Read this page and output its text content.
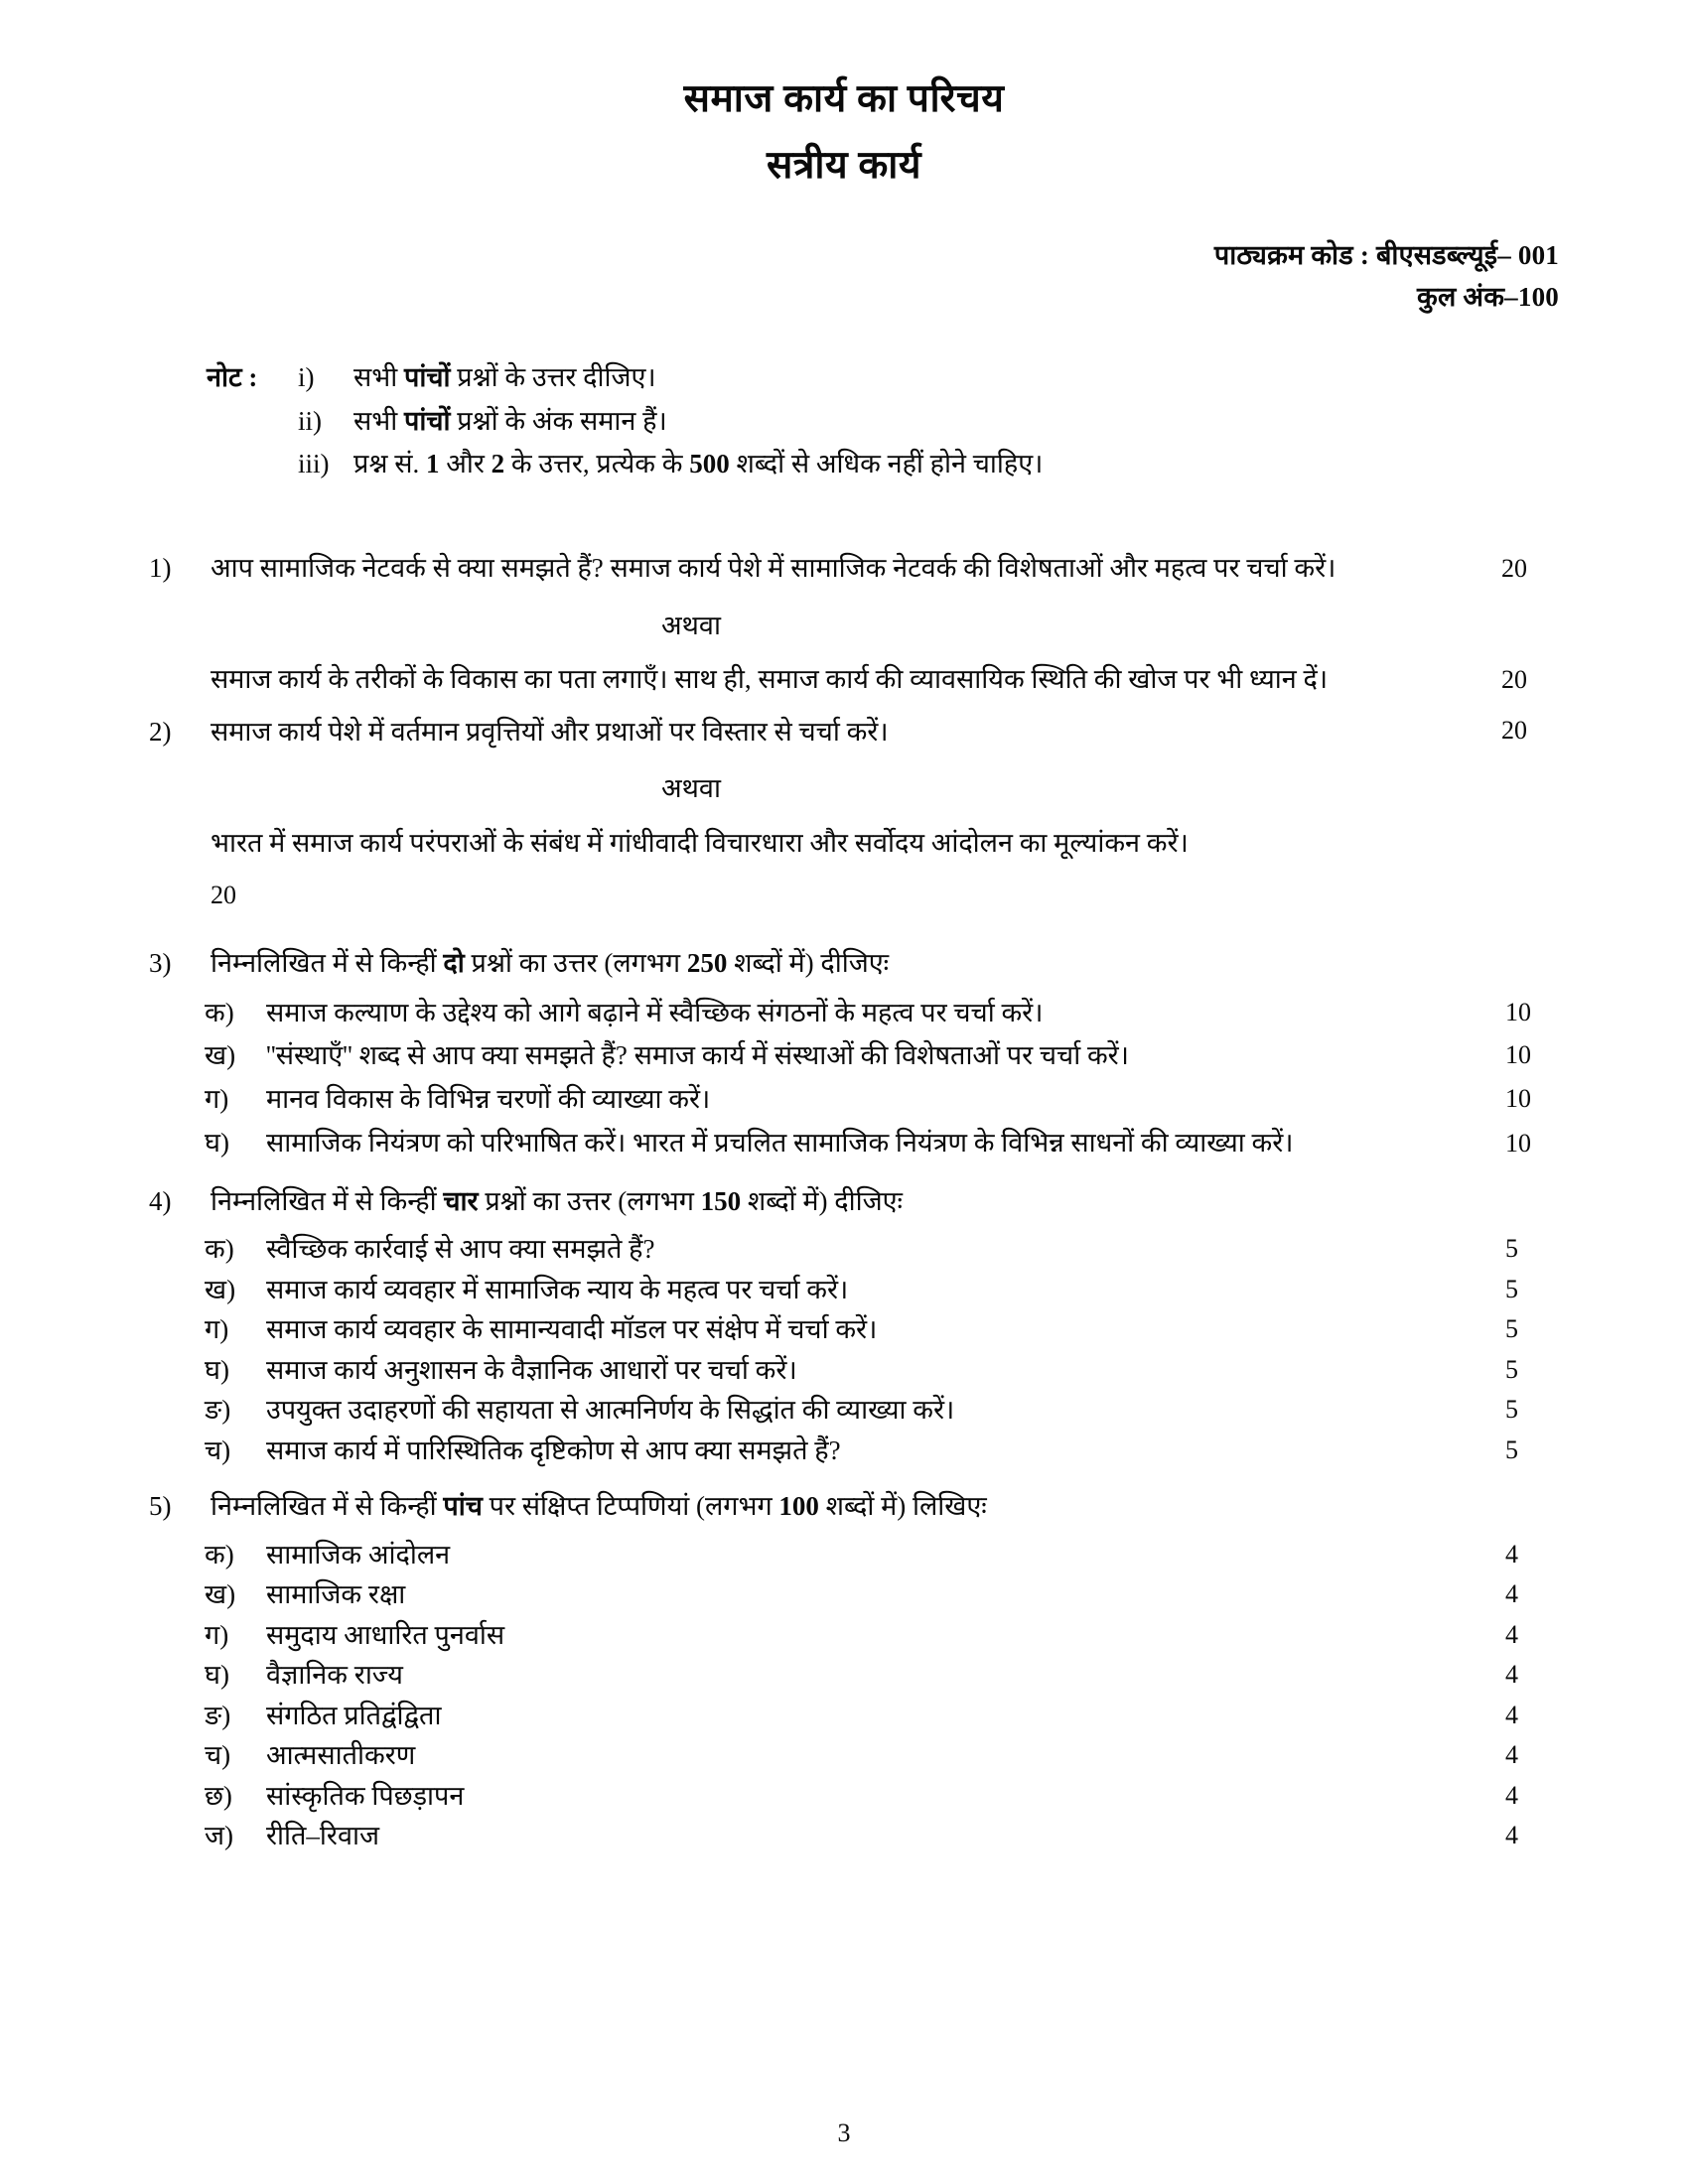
समाज कार्य का परिचय
सत्रीय कार्य
पाठ्यक्रम कोड : बीएसडब्ल्यूई– 001
कुल अंक–100
नोट :	i)	सभी पांचों प्रश्नों के उत्तर दीजिए।
ii)	सभी पांचों प्रश्नों के अंक समान हैं।
iii) प्रश्न सं. 1 और 2 के उत्तर, प्रत्येक के 500 शब्दों से अधिक नहीं होने चाहिए।
1)	आप सामाजिक नेटवर्क से क्या समझते हैं? समाज कार्य पेशे में सामाजिक नेटवर्क की विशेषताओं और महत्व पर चर्चा करें।	20
अथवा
समाज कार्य के तरीकों के विकास का पता लगाएँ। साथ ही, समाज कार्य की व्यावसायिक स्थिति की खोज पर भी ध्यान दें।	20
2)	समाज कार्य पेशे में वर्तमान प्रवृत्तियों और प्रथाओं पर विस्तार से चर्चा करें।	20
अथवा
भारत में समाज कार्य परंपराओं के संबंध में गांधीवादी विचारधारा और सर्वोदय आंदोलन का मूल्यांकन करें।
20
3)	निम्नलिखित में से किन्हीं दो प्रश्नों का उत्तर (लगभग 250 शब्दों में) दीजिएः
क)	समाज कल्याण के उद्देश्य को आगे बढ़ाने में स्वैच्छिक संगठनों के महत्व पर चर्चा करें।	10
ख)	''संस्थाएँ'' शब्द से आप क्या समझते हैं? समाज कार्य में संस्थाओं की विशेषताओं पर चर्चा करें।	10
ग)	मानव विकास के विभिन्न चरणों की व्याख्या करें।	10
घ)	सामाजिक नियंत्रण को परिभाषित करें। भारत में प्रचलित सामाजिक नियंत्रण के विभिन्न साधनों की व्याख्या करें।	10
4)	निम्नलिखित में से किन्हीं चार प्रश्नों का उत्तर (लगभग 150 शब्दों में) दीजिएः
क)	स्वैच्छिक कार्रवाई से आप क्या समझते हैं?	5
ख)	समाज कार्य व्यवहार में सामाजिक न्याय के महत्व पर चर्चा करें।	5
ग)	समाज कार्य व्यवहार के सामान्यवादी मॉडल पर संक्षेप में चर्चा करें।	5
घ)	समाज कार्य अनुशासन के वैज्ञानिक आधारों पर चर्चा करें।	5
ङ)	उपयुक्त उदाहरणों की सहायता से आत्मनिर्णय के सिद्धांत की व्याख्या करें।	5
च)	समाज कार्य में पारिस्थितिक दृष्टिकोण से आप क्या समझते हैं?	5
5)	निम्नलिखित में से किन्हीं पांच पर संक्षिप्त टिप्पणियां (लगभग 100 शब्दों में) लिखिएः
क)	सामाजिक आंदोलन	4
ख)	सामाजिक रक्षा	4
ग)	समुदाय आधारित पुनर्वास	4
घ)	वैज्ञानिक राज्य	4
ङ)	संगठित प्रतिद्वंद्विता	4
च)	आत्मसातीकरण	4
छ)	सांस्कृतिक पिछड़ापन	4
ज)	रीति–रिवाज	4
3
